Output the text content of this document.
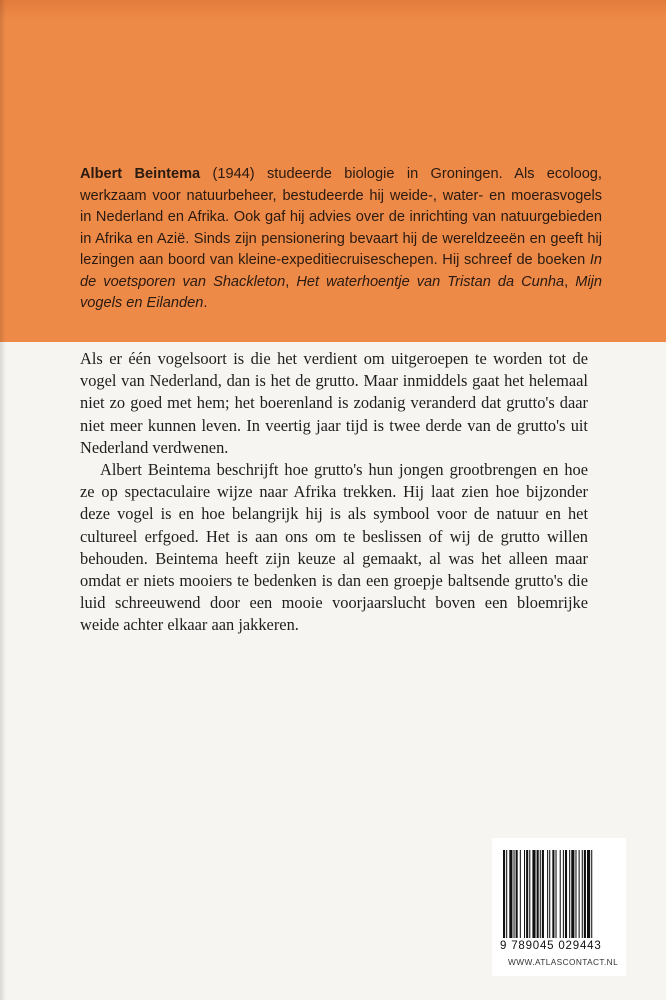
Albert Beintema (1944) studeerde biologie in Groningen. Als ecoloog, werkzaam voor natuurbeheer, bestudeerde hij weide-, water- en moerasvogels in Nederland en Afrika. Ook gaf hij advies over de inrichting van natuurgebieden in Afrika en Azië. Sinds zijn pensionering bevaart hij de wereldzeeën en geeft hij lezingen aan boord van kleine-expeditiecruiseschepen. Hij schreef de boeken In de voetsporen van Shackleton, Het waterhoentje van Tristan da Cunha, Mijn vogels en Eilanden.

Als er één vogelsoort is die het verdient om uitgeroepen te worden tot de vogel van Nederland, dan is het de grutto. Maar inmiddels gaat het helemaal niet zo goed met hem; het boerenland is zodanig veranderd dat grutto's daar niet meer kunnen leven. In veertig jaar tijd is twee derde van de grutto's uit Nederland verdwenen.

Albert Beintema beschrijft hoe grutto's hun jongen grootbrengen en hoe ze op spectaculaire wijze naar Afrika trekken. Hij laat zien hoe bijzonder deze vogel is en hoe belangrijk hij is als symbool voor de natuur en het cultureel erfgoed. Het is aan ons om te beslissen of wij de grutto willen behouden. Beintema heeft zijn keuze al gemaakt, al was het alleen maar omdat er niets mooiers te bedenken is dan een groepje baltsende grutto's die luid schreeuwend door een mooie voorjaarslucht boven een bloemrijke weide achter elkaar aan jakkeren.

9 789045 029443
WWW.ATLASCONTACT.NL
